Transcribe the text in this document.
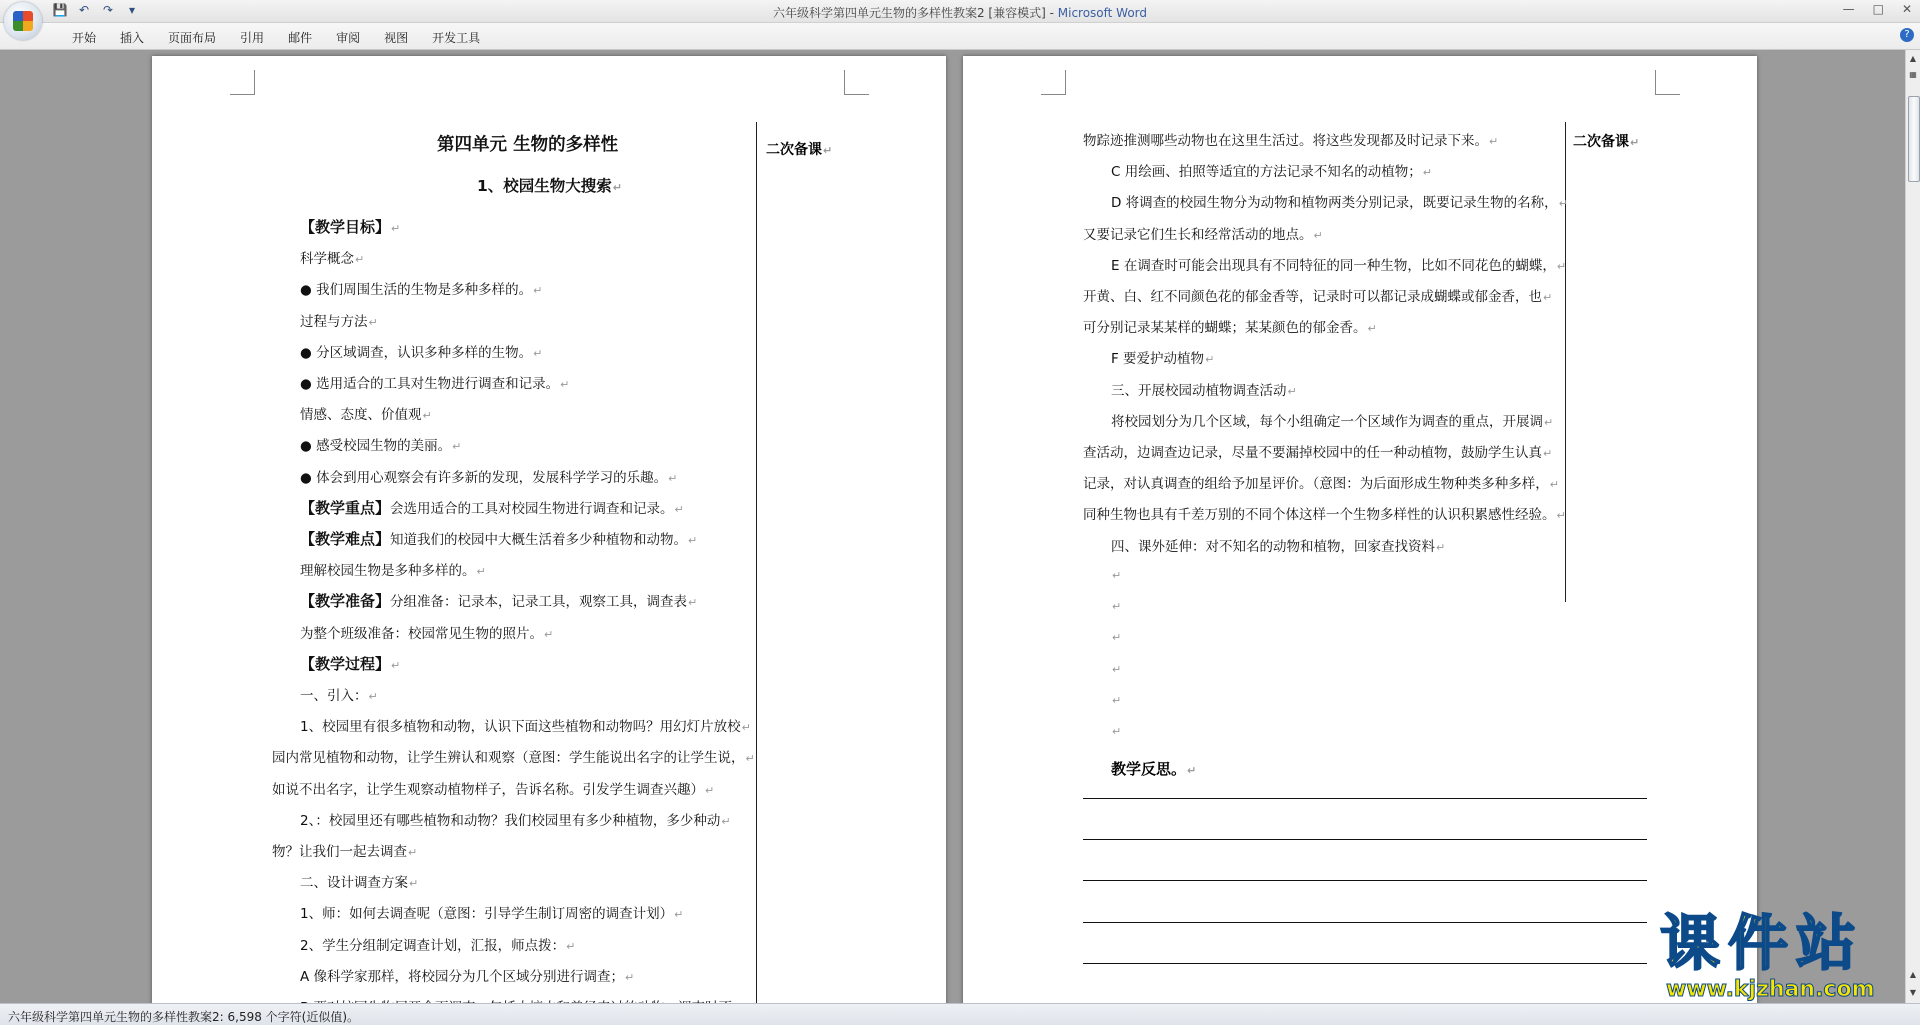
💾 ↶ ↷	▾	六年级科学第四单元生物的多样性教案2 [兼容模式] - Microsoft Word	— □ ✕
开始	插入	页面布局	引用	邮件	审阅	视图	开发工具	?
二次备课↵
第四单元 生物的多样性
1、校园生物大搜索↵
【教学目标】↵
科学概念↵
● 我们周围生活的生物是多种多样的。↵
过程与方法↵
● 分区域调查，认识多种多样的生物。↵
● 选用适合的工具对生物进行调查和记录。↵
情感、态度、价值观↵
● 感受校园生物的美丽。↵
● 体会到用心观察会有许多新的发现，发展科学学习的乐趣。↵
【教学重点】会选用适合的工具对校园生物进行调查和记录。↵
【教学难点】知道我们的校园中大概生活着多少种植物和动物。↵
理解校园生物是多种多样的。↵
【教学准备】分组准备：记录本，记录工具，观察工具，调查表↵
为整个班级准备：校园常见生物的照片。↵
【教学过程】↵
一、引入：↵
1、校园里有很多植物和动物，认识下面这些植物和动物吗？用幻灯片放校↵
园内常见植物和动物，让学生辨认和观察（意图：学生能说出名字的让学生说，↵
如说不出名字，让学生观察动植物样子，告诉名称。引发学生调查兴趣）↵
2、：校园里还有哪些植物和动物？我们校园里有多少种植物，多少种动↵
物？让我们一起去调查↵
二、设计调查方案↵
1、师：如何去调查呢（意图：引导学生制订周密的调查计划）↵
2、学生分组制定调查计划，汇报，师点拨：↵
A 像科学家那样，将校园分为几个区域分别进行调查；↵
二次备课↵
物踪迹推测哪些动物也在这里生活过。将这些发现都及时记录下来。↵
C 用绘画、拍照等适宜的方法记录不知名的动植物；↵
D 将调查的校园生物分为动物和植物两类分别记录，既要记录生物的名称，↵
又要记录它们生长和经常活动的地点。↵
E 在调查时可能会出现具有不同特征的同一种生物，比如不同花色的蝴蝶，↵
开黄、白、红不同颜色花的郁金香等，记录时可以都记录成蝴蝶或郁金香，也↵
可分别记录某某样的蝴蝶；某某颜色的郁金香。↵
F 要爱护动植物↵
三、开展校园动植物调查活动↵
将校园划分为几个区域，每个小组确定一个区域作为调查的重点，开展调↵
查活动，边调查边记录，尽量不要漏掉校园中的任一种动植物，鼓励学生认真↵
记录，对认真调查的组给予加星评价。（意图：为后面形成生物种类多种多样，↵
同种生物也具有千差万别的不同个体这样一个生物多样性的认识积累感性经验。↵
四、课外延伸：对不知名的动物和植物，回家查找资料↵
↵
↵
↵
↵
↵
↵
教学反思。↵
▲
▦
▲
▼
课件站
www.kjzhan.com
六年级科学第四单元生物的多样性教案2: 6,598 个字符(近似值)。
